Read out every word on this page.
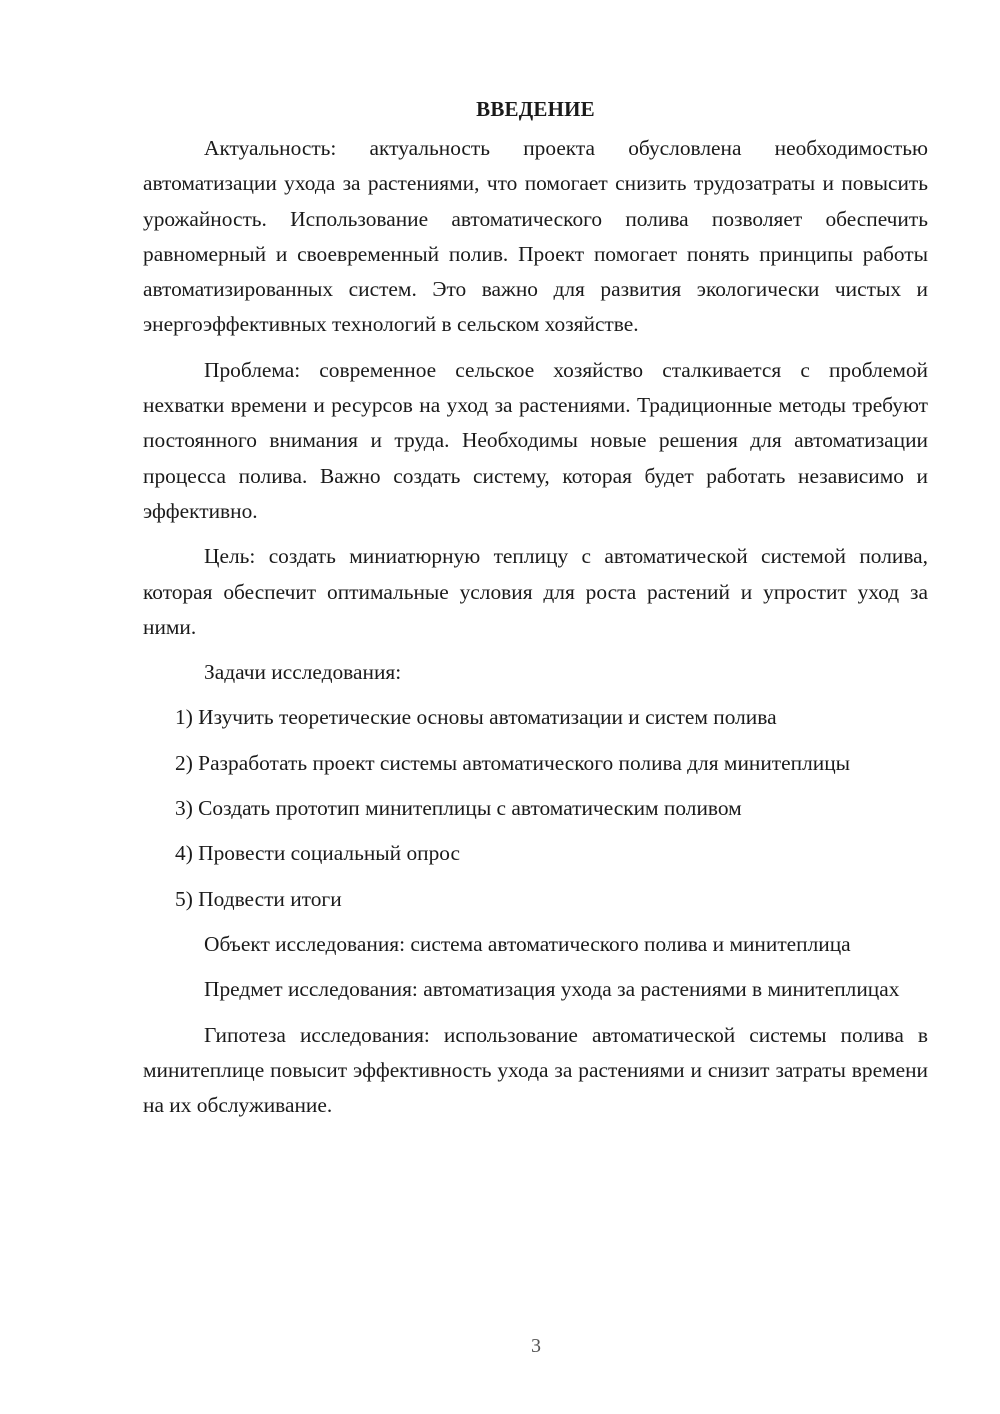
ВВЕДЕНИЕ

Актуальность: актуальность проекта обусловлена необходимостью автоматизации ухода за растениями, что помогает снизить трудозатраты и повысить урожайность. Использование автоматического полива позволяет обеспечить равномерный и своевременный полив. Проект помогает понять принципы работы автоматизированных систем. Это важно для развития экологически чистых и энергоэффективных технологий в сельском хозяйстве.

Проблема: современное сельское хозяйство сталкивается с проблемой нехватки времени и ресурсов на уход за растениями. Традиционные методы требуют постоянного внимания и труда. Необходимы новые решения для автоматизации процесса полива. Важно создать систему, которая будет работать независимо и эффективно.

Цель: создать миниатюрную теплицу с автоматической системой полива, которая обеспечит оптимальные условия для роста растений и упростит уход за ними.

Задачи исследования:

1) Изучить теоретические основы автоматизации и систем полива
2) Разработать проект системы автоматического полива для минитеплицы
3) Создать прототип минитеплицы с автоматическим поливом
4) Провести социальный опрос
5) Подвести итоги

Объект исследования: система автоматического полива и минитеплица

Предмет исследования: автоматизация ухода за растениями в минитеплицах

Гипотеза исследования: использование автоматической системы полива в минитеплице повысит эффективность ухода за растениями и снизит затраты времени на их обслуживание.

3
